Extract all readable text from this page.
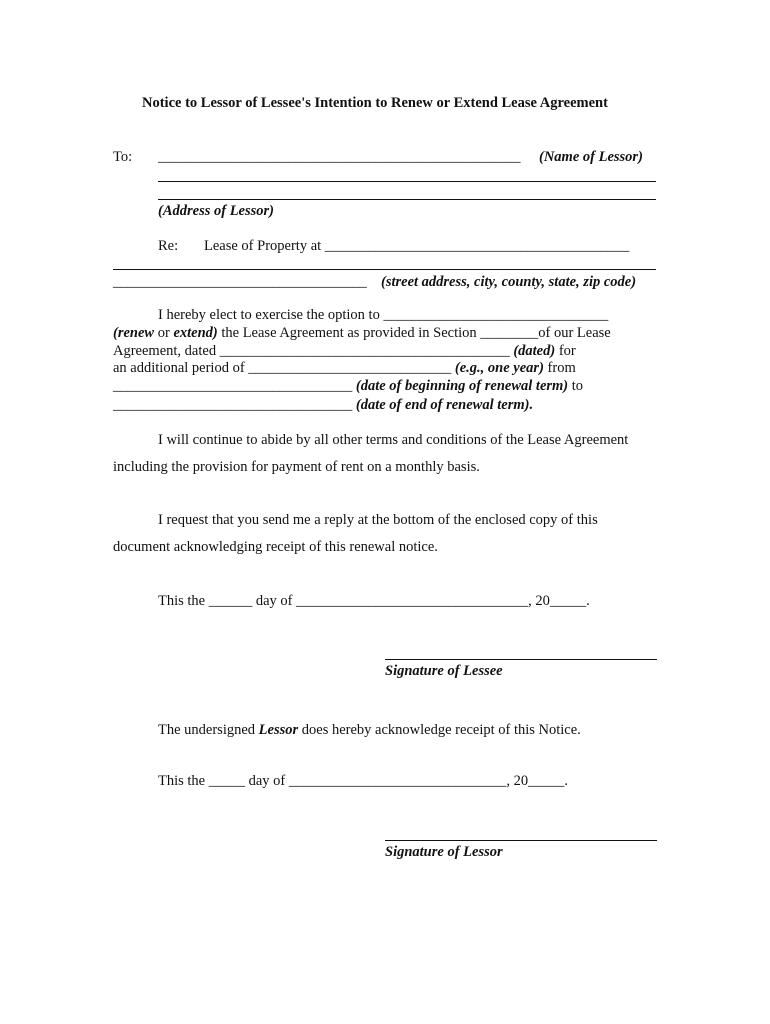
Notice to Lessor of Lessee's Intention to Renew or Extend Lease Agreement
To: __________________________________________________ (Name of Lessor)
(Address of Lessor)
Re: Lease of Property at __________________________________________
___________________________________ (street address, city, county, state, zip code)
I hereby elect to exercise the option to _______________________________
(renew or extend) the Lease Agreement as provided in Section ________of our Lease
Agreement, dated ________________________________________ (dated) for
an additional period of ____________________________ (e.g., one year) from
_________________________________ (date of beginning of renewal term) to
_________________________________ (date of end of renewal term).
I will continue to abide by all other terms and conditions of the Lease Agreement
including the provision for payment of rent on a monthly basis.
I request that you send me a reply at the bottom of the enclosed copy of this
document acknowledging receipt of this renewal notice.
This the ______ day of ________________________________, 20_____.
Signature of Lessee
The undersigned Lessor does hereby acknowledge receipt of this Notice.
This the _____ day of ______________________________, 20_____.
Signature of Lessor
